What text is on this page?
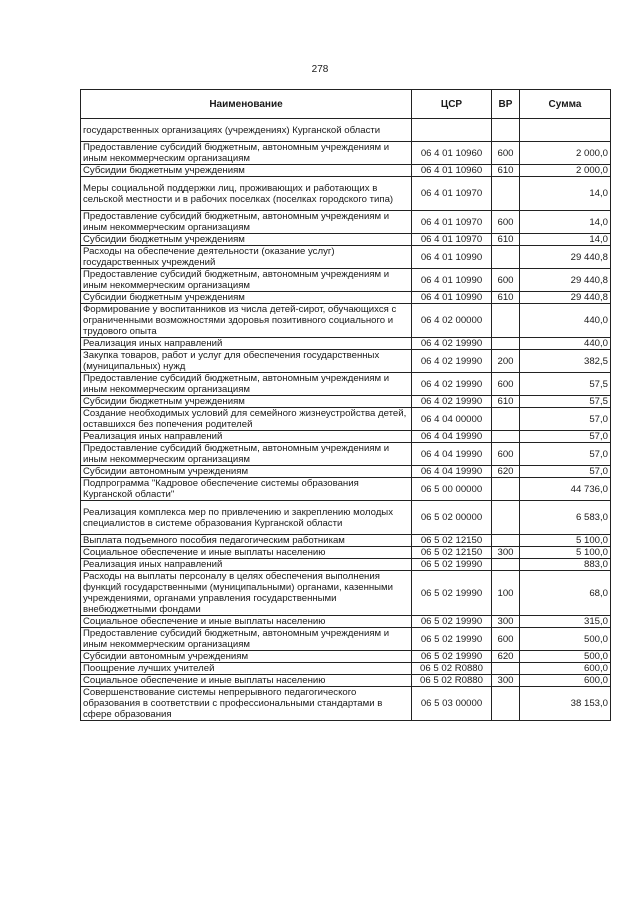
278
Наименование	ЦСР	ВР	Сумма
государственных организациях (учреждениях) Курганской области			
Предоставление субсидий бюджетным, автономным учреждениям и иным некоммерческим организациям	06 4 01 10960	600	2 000,0
Субсидии бюджетным учреждениям	06 4 01 10960	610	2 000,0
Меры социальной поддержки лиц, проживающих и работающих в сельской местности и в рабочих поселках (поселках городского типа)	06 4 01 10970		14,0
Предоставление субсидий бюджетным, автономным учреждениям и иным некоммерческим организациям	06 4 01 10970	600	14,0
Субсидии бюджетным учреждениям	06 4 01 10970	610	14,0
Расходы на обеспечение деятельности (оказание услуг) государственных учреждений	06 4 01 10990		29 440,8
Предоставление субсидий бюджетным, автономным учреждениям и иным некоммерческим организациям	06 4 01 10990	600	29 440,8
Субсидии бюджетным учреждениям	06 4 01 10990	610	29 440,8
Формирование у воспитанников из числа детей-сирот, обучающихся с ограниченными возможностями здоровья позитивного социального и трудового опыта	06 4 02 00000		440,0
Реализация иных направлений	06 4 02 19990		440,0
Закупка товаров, работ и услуг для обеспечения государственных (муниципальных) нужд	06 4 02 19990	200	382,5
Предоставление субсидий бюджетным, автономным учреждениям и иным некоммерческим организациям	06 4 02 19990	600	57,5
Субсидии бюджетным учреждениям	06 4 02 19990	610	57,5
Создание необходимых условий для семейного жизнеустройства детей, оставшихся без попечения родителей	06 4 04 00000		57,0
Реализация иных направлений	06 4 04 19990		57,0
Предоставление субсидий бюджетным, автономным учреждениям и иным некоммерческим организациям	06 4 04 19990	600	57,0
Субсидии автономным учреждениям	06 4 04 19990	620	57,0
Подпрограмма "Кадровое обеспечение системы образования Курганской области"	06 5 00 00000		44 736,0
Реализация комплекса мер по привлечению и закреплению молодых специалистов в системе образования Курганской области	06 5 02 00000		6 583,0
Выплата подъемного пособия педагогическим работникам	06 5 02 12150		5 100,0
Социальное обеспечение и иные выплаты населению	06 5 02 12150	300	5 100,0
Реализация иных направлений	06 5 02 19990		883,0
Расходы на выплаты персоналу в целях обеспечения выполнения функций государственными (муниципальными) органами, казенными учреждениями, органами управления государственными внебюджетными фондами	06 5 02 19990	100	68,0
Социальное обеспечение и иные выплаты населению	06 5 02 19990	300	315,0
Предоставление субсидий бюджетным, автономным учреждениям и иным некоммерческим организациям	06 5 02 19990	600	500,0
Субсидии автономным учреждениям	06 5 02 19990	620	500,0
Поощрение лучших учителей	06 5 02 R0880		600,0
Социальное обеспечение и иные выплаты населению	06 5 02 R0880	300	600,0
Совершенствование системы непрерывного педагогического образования в соответствии с профессиональными стандартами в сфере образования	06 5 03 00000		38 153,0
